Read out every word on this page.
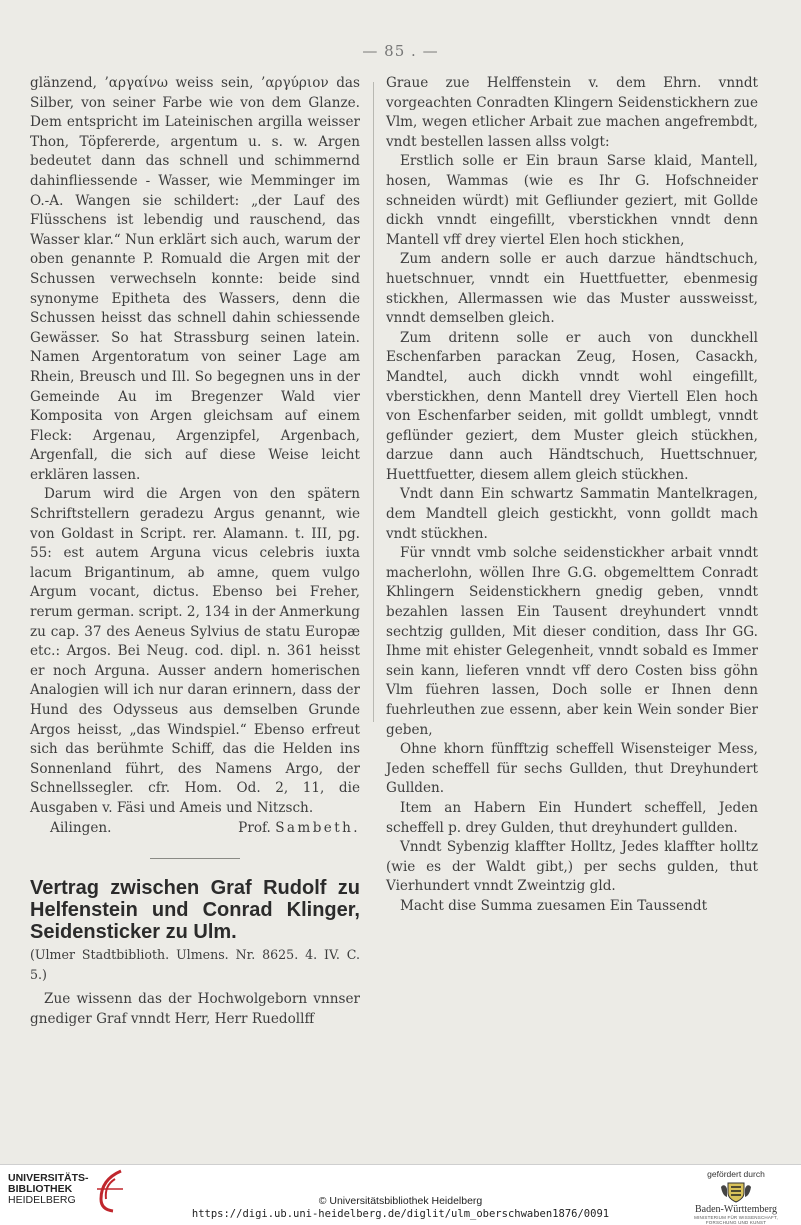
— 85 . —

glänzend, ’αργαίνω weiss sein, ’αργύριον das Silber, von seiner Farbe wie von dem Glanze. Dem entspricht im Lateinischen argilla weisser Thon, Töpfererde, argentum u. s. w. Argen bedeutet dann das schnell und schimmernd dahinfliessende - Wasser, wie Memminger im O.-A. Wangen sie schildert: „der Lauf des Flüsschens ist lebendig und rauschend, das Wasser klar.“ Nun erklärt sich auch, warum der oben genannte P. Romuald die Argen mit der Schussen verwechseln konnte: beide sind synonyme Epitheta des Wassers, denn die Schussen heisst das schnell dahin schiessende Gewässer. So hat Strassburg seinen latein. Namen Argentoratum von seiner Lage am Rhein, Breusch und Ill. So begegnen uns in der Gemeinde Au im Bregenzer Wald vier Komposita von Argen gleichsam auf einem Fleck: Argenau, Argenzipfel, Argenbach, Argenfall, die sich auf diese Weise leicht erklären lassen.

Darum wird die Argen von den spätern Schriftstellern geradezu Argus genannt, wie von Goldast in Script. rer. Alamann. t. III, pg. 55: est autem Arguna vicus celebris iuxta lacum Brigantinum, ab amne, quem vulgo Argum vocant, dictus. Ebenso bei Freher, rerum german. script. 2, 134 in der Anmerkung zu cap. 37 des Aeneus Sylvius de statu Europæ etc.: Argos. Bei Neug. cod. dipl. n. 361 heisst er noch Arguna. Ausser andern homerischen Analogien will ich nur daran erinnern, dass der Hund des Odysseus aus demselben Grunde Argos heisst, „das Windspiel.“ Ebenso erfreut sich das berühmte Schiff, das die Helden ins Sonnenland führt, des Namens Argo, der Schnellssegler. cfr. Hom. Od. 2, 11, die Ausgaben v. Fäsi und Ameis und Nitzsch.

Ailingen.	Prof. Sambeth.

Vertrag zwischen Graf Rudolf zu Helfenstein und Conrad Klinger, Seidensticker zu Ulm.

(Ulmer Stadtbiblioth. Ulmens. Nr. 8625. 4. IV. C. 5.)

Zue wissenn das der Hochwolgeborn vnnser gnediger Graf vnndt Herr, Herr Ruedollff

Graue zue Helffenstein v. dem Ehrn. vnndt vorgeachten Conradten Klingern Seidenstickhern zue Vlm, wegen etlicher Arbait zue machen angefrembdt, vndt bestellen lassen allss volgt:

Erstlich solle er Ein braun Sarse klaid, Mantell, hosen, Wammas (wie es Ihr G. Hofschneider schneiden würdt) mit Gefliunder geziert, mit Gollde dickh vnndt eingefillt, vberstickhen vnndt denn Mantell vff drey viertel Elen hoch stickhen,

Zum andern solle er auch darzue händtschuch, huetschnuer, vnndt ein Huettfuetter, ebenmesig stickhen, Allermassen wie das Muster aussweisst, vnndt demselben gleich.

Zum dritenn solle er auch von dunckhell Eschenfarben parackan Zeug, Hosen, Casackh, Mandtel, auch dickh vnndt wohl eingefillt, vberstickhen, denn Mantell drey Viertell Elen hoch von Eschenfarber seiden, mit golldt umblegt, vnndt geflünder geziert, dem Muster gleich stückhen, darzue dann auch Händtschuch, Huettschnuer, Huettfuetter, diesem allem gleich stückhen.

Vndt dann Ein schwartz Sammatin Mantelkragen, dem Mandtell gleich gestickht, vonn golldt mach vndt stückhen.

Für vnndt vmb solche seidenstickher arbait vnndt macherlohn, wöllen Ihre G.G. obgemelttem Conradt Khlingern Seidenstickhern gnedig geben, vnndt bezahlen lassen Ein Tausent dreyhundert vnndt sechtzig gullden, Mit dieser condition, dass Ihr GG. Ihme mit ehister Gelegenheit, vnndt sobald es Immer sein kann, lieferen vnndt vff dero Costen biss göhn Vlm füehren lassen, Doch solle er Ihnen denn fuehrleuthen zue essenn, aber kein Wein sonder Bier geben,

Ohne khorn fünfftzig scheffell Wisensteiger Mess, Jeden scheffell für sechs Gullden, thut Dreyhundert Gullden.

Item an Habern Ein Hundert scheffell, Jeden scheffell p. drey Gulden, thut dreyhundert gullden.

Vnndt Sybenzig klaffter Holltz, Jedes klaffter holltz (wie es der Waldt gibt,) per sechs gulden, thut Vierhundert vnndt Zweintzig gld.

Macht dise Summa zuesamen Ein Taussendt

UNIVERSITÄTS-
BIBLIOTHEK
HEIDELBERG	© Universitätsbibliothek Heidelberg
https://digi.ub.uni-heidelberg.de/diglit/ulm_oberschwaben1876/0091
gefördert durch
Baden-Württemberg
MINISTERIUM FÜR WISSENSCHAFT, FORSCHUNG UND KUNST
